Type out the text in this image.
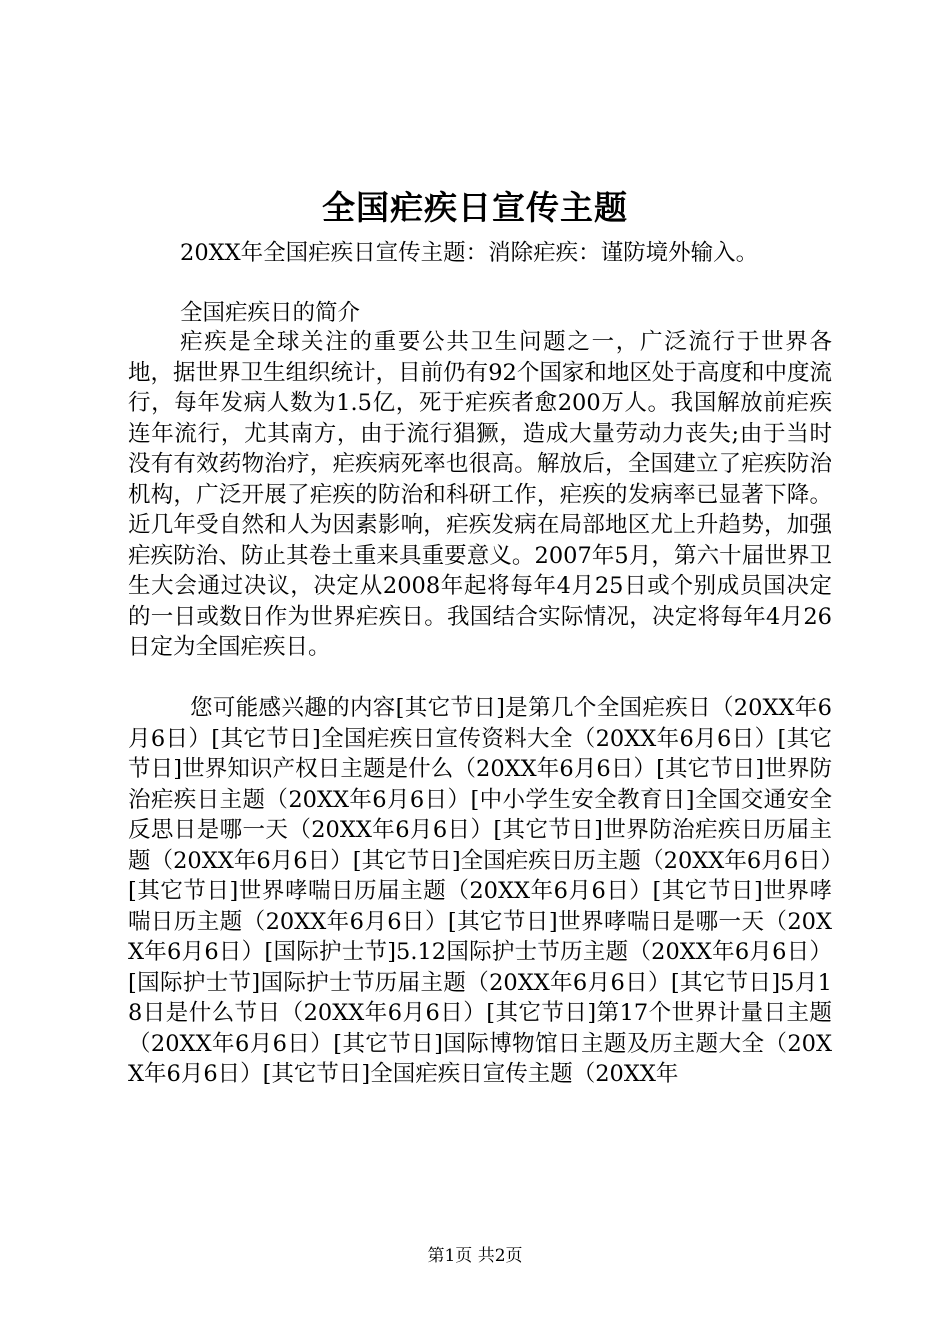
全国疟疾日宣传主题
20XX年全国疟疾日宣传主题：消除疟疾：谨防境外输入。
全国疟疾日的简介
疟疾是全球关注的重要公共卫生问题之一，广泛流行于世界各地，据世界卫生组织统计，目前仍有92个国家和地区处于高度和中度流行，每年发病人数为1.5亿，死于疟疾者愈200万人。我国解放前疟疾连年流行，尤其南方，由于流行猖獗，造成大量劳动力丧失;由于当时没有有效药物治疗，疟疾病死率也很高。解放后，全国建立了疟疾防治机构，广泛开展了疟疾的防治和科研工作，疟疾的发病率已显著下降。近几年受自然和人为因素影响，疟疾发病在局部地区尤上升趋势，加强疟疾防治、防止其卷土重来具重要意义。2007年5月，第六十届世界卫生大会通过决议，决定从2008年起将每年4月25日或个别成员国决定的一日或数日作为世界疟疾日。我国结合实际情况，决定将每年4月26日定为全国疟疾日。
您可能感兴趣的内容[其它节日]是第几个全国疟疾日（20XX年6月6日）[其它节日]全国疟疾日宣传资料大全（20XX年6月6日）[其它节日]世界知识产权日主题是什么（20XX年6月6日）[其它节日]世界防治疟疾日主题（20XX年6月6日）[中小学生安全教育日]全国交通安全反思日是哪一天（20XX年6月6日）[其它节日]世界防治疟疾日历届主题（20XX年6月6日）[其它节日]全国疟疾日历主题（20XX年6月6日）[其它节日]世界哮喘日历届主题（20XX年6月6日）[其它节日]世界哮喘日历主题（20XX年6月6日）[其它节日]世界哮喘日是哪一天（20XX年6月6日）[国际护士节]5.12国际护士节历主题（20XX年6月6日）[国际护士节]国际护士节历届主题（20XX年6月6日）[其它节日]5月18日是什么节日（20XX年6月6日）[其它节日]第17个世界计量日主题（20XX年6月6日）[其它节日]国际博物馆日主题及历主题大全（20XX年6月6日）[其它节日]全国疟疾日宣传主题（20XX年
第1页 共2页
